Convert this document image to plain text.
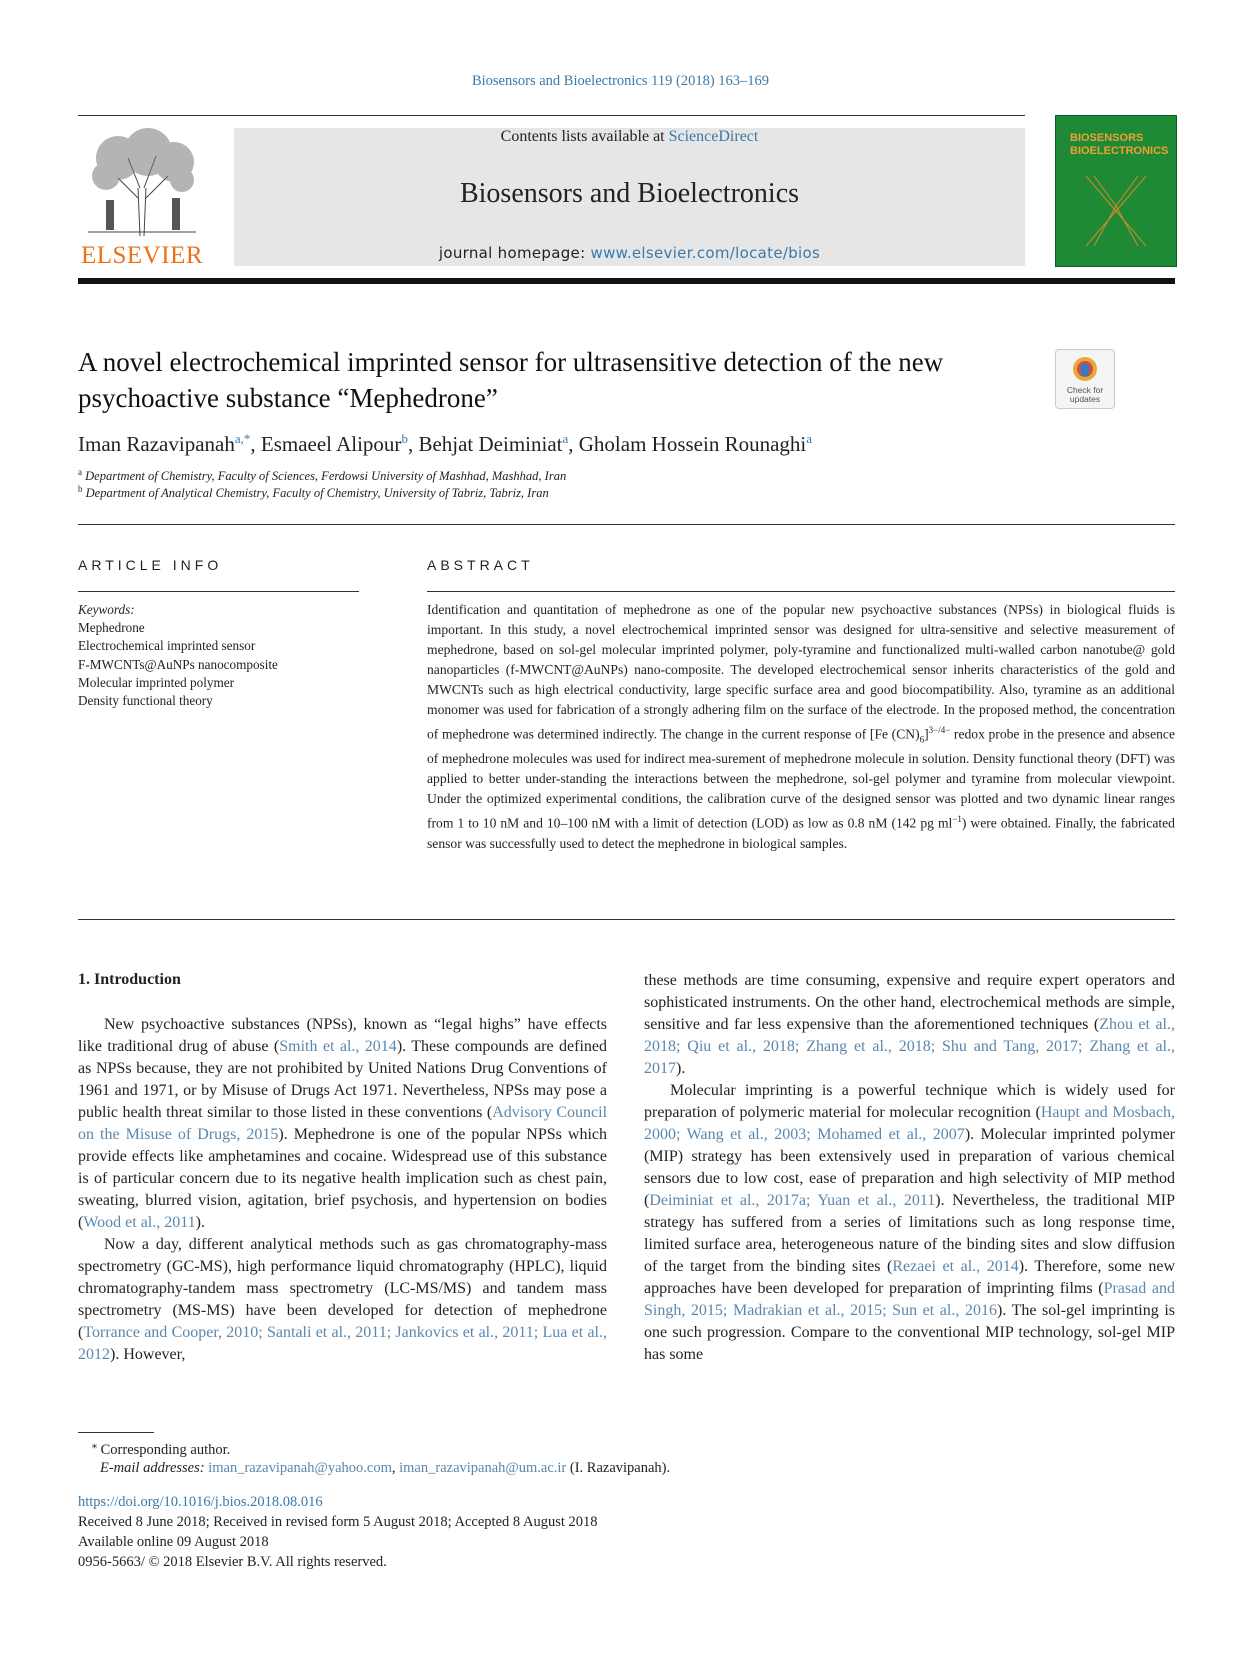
Biosensors and Bioelectronics 119 (2018) 163–169
ELSEVIER
Contents lists available at ScienceDirect
Biosensors and Bioelectronics
journal homepage: www.elsevier.com/locate/bios
BIOSENSORS
BIOELECTRONICS
A novel electrochemical imprinted sensor for ultrasensitive detection of the new psychoactive substance “Mephedrone”	Check for updates
Iman Razavipanah$^{a,*}$, Esmaeel Alipour$^b$, Behjat Deiminiat$^a$, Gholam Hossein Rounaghi$^a$
$^a$ Department of Chemistry, Faculty of Sciences, Ferdowsi University of Mashhad, Mashhad, Iran
$^b$ Department of Analytical Chemistry, Faculty of Chemistry, University of Tabriz, Tabriz, Iran
ARTICLE INFO	ABSTRACT
Keywords:
Mephedrone
Electrochemical imprinted sensor
F-MWCNTs@AuNPs nanocomposite
Molecular imprinted polymer
Density functional theory
Identification and quantitation of mephedrone as one of the popular new psychoactive substances (NPSs) in biological fluids is important. In this study, a novel electrochemical imprinted sensor was designed for ultra-sensitive and selective measurement of mephedrone, based on sol-gel molecular imprinted polymer, poly-tyramine and functionalized multi-walled carbon nanotube@ gold nanoparticles (f-MWCNT@AuNPs) nano-composite. The developed electrochemical sensor inherits characteristics of the gold and MWCNTs such as high electrical conductivity, large specific surface area and good biocompatibility. Also, tyramine as an additional monomer was used for fabrication of a strongly adhering film on the surface of the electrode. In the proposed method, the concentration of mephedrone was determined indirectly. The change in the current response of [Fe $(CN)_6]^{3-/4-}$ redox probe in the presence and absence of mephedrone molecules was used for indirect mea-surement of mephedrone molecule in solution. Density functional theory (DFT) was applied to better under-standing the interactions between the mephedrone, sol-gel polymer and tyramine from molecular viewpoint. Under the optimized experimental conditions, the calibration curve of the designed sensor was plotted and two dynamic linear ranges from 1 to 10 nM and 10–100 nM with a limit of detection (LOD) as low as 0.8 nM (142 pg $ml^{-1}$) were obtained. Finally, the fabricated sensor was successfully used to detect the mephedrone in biological samples.
1. Introduction

New psychoactive substances (NPSs), known as “legal highs” have effects like traditional drug of abuse (Smith et al., 2014). These compounds are defined as NPSs because, they are not prohibited by United Nations Drug Conventions of 1961 and 1971, or by Misuse of Drugs Act 1971. Nevertheless, NPSs may pose a public health threat similar to those listed in these conventions (Advisory Council on the Misuse of Drugs, 2015). Mephedrone is one of the popular NPSs which provide effects like amphetamines and cocaine. Widespread use of this substance is of particular concern due to its negative health implication such as chest pain, sweating, blurred vision, agitation, brief psychosis, and hypertension on bodies (Wood et al., 2011).

Now a day, different analytical methods such as gas chromatography-mass spectrometry (GC-MS), high performance liquid chromatography (HPLC), liquid chromatography-tandem mass spectrometry (LC-MS/MS) and tandem mass spectrometry (MS-MS) have been developed for detection of mephedrone (Torrance and Cooper, 2010; Santali et al., 2011; Jankovics et al., 2011; Lua et al., 2012). However,

these methods are time consuming, expensive and require expert operators and sophisticated instruments. On the other hand, electrochemical methods are simple, sensitive and far less expensive than the aforementioned techniques (Zhou et al., 2018; Qiu et al., 2018; Zhang et al., 2018; Shu and Tang, 2017; Zhang et al., 2017).

Molecular imprinting is a powerful technique which is widely used for preparation of polymeric material for molecular recognition (Haupt and Mosbach, 2000; Wang et al., 2003; Mohamed et al., 2007). Molecular imprinted polymer (MIP) strategy has been extensively used in preparation of various chemical sensors due to low cost, ease of preparation and high selectivity of MIP method (Deiminiat et al., 2017a; Yuan et al., 2011). Nevertheless, the traditional MIP strategy has suffered from a series of limitations such as long response time, limited surface area, heterogeneous nature of the binding sites and slow diffusion of the target from the binding sites (Rezaei et al., 2014). Therefore, some new approaches have been developed for preparation of imprinting films (Prasad and Singh, 2015; Madrakian et al., 2015; Sun et al., 2016). The sol-gel imprinting is one such progression. Compare to the conventional MIP technology, sol-gel MIP has some

⁎ Corresponding author.
E-mail addresses: iman_razavipanah@yahoo.com, iman_razavipanah@um.ac.ir (I. Razavipanah).
https://doi.org/10.1016/j.bios.2018.08.016
Received 8 June 2018; Received in revised form 5 August 2018; Accepted 8 August 2018
Available online 09 August 2018
0956-5663/ © 2018 Elsevier B.V. All rights reserved.
